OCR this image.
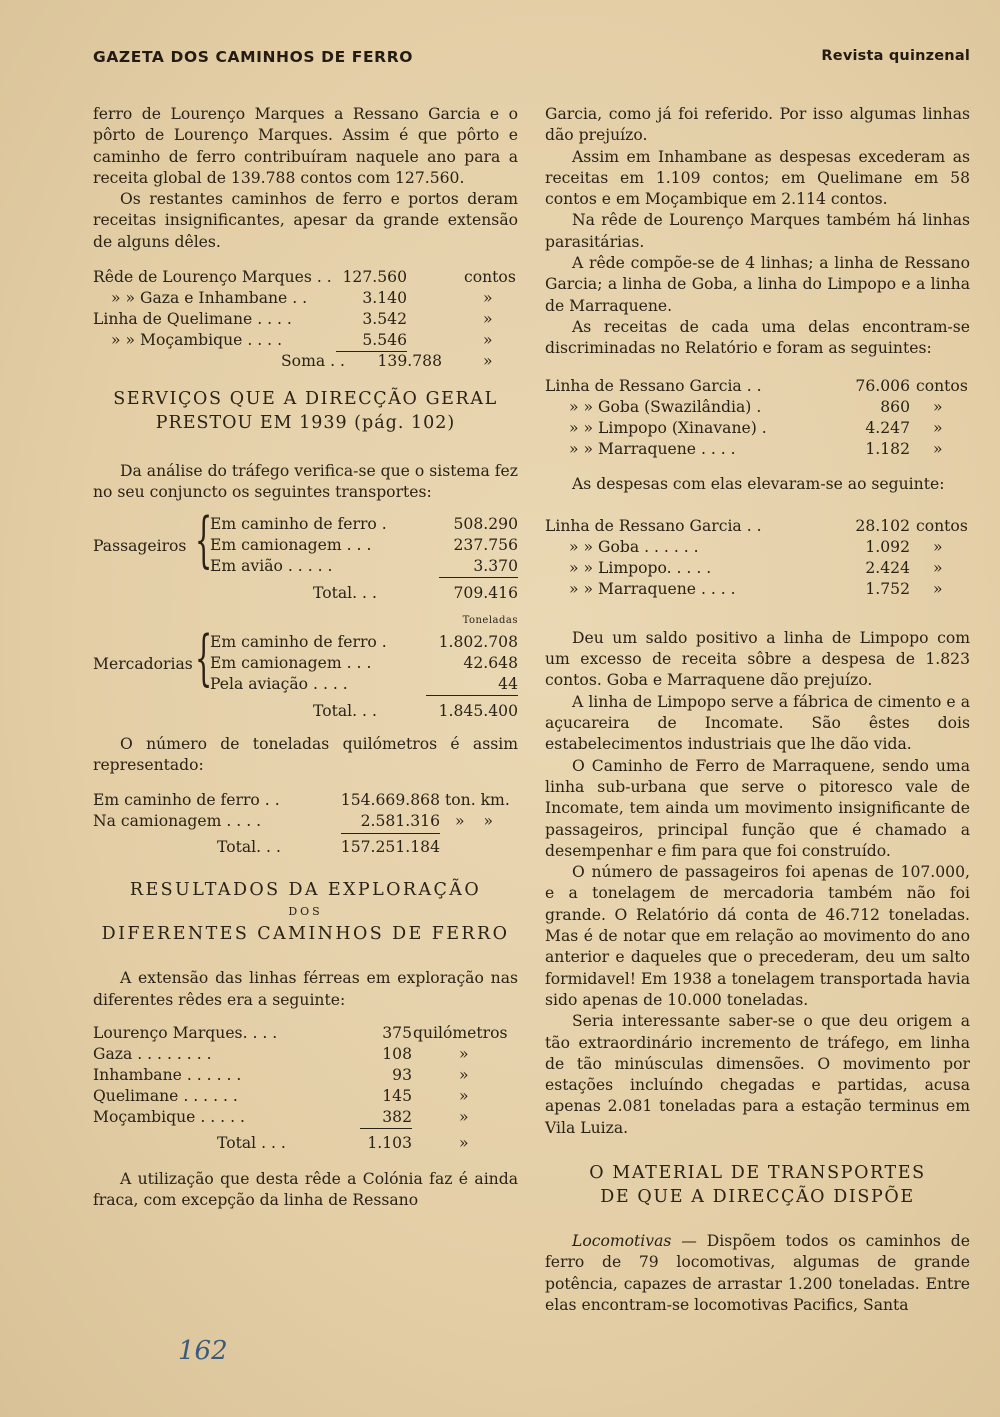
GAZETA DOS CAMINHOS DE FERRO	Revista quinzenal

ferro de Lourenço Marques a Ressano Garcia e o pôrto de Lourenço Marques. Assim é que pôrto e caminho de ferro contribuíram naquele ano para a receita global de 139.788 contos com 127.560.

Os restantes caminhos de ferro e portos deram receitas insignificantes, apesar da grande extensão de alguns dêles.

Rêde de Lourenço Marques . . 127.560	contos
» » Gaza e Inhambane . .	3.140	»
Linha de Quelimane . . . .	3.542	»
» » Moçambique . . . .	5.546	»
Soma . . 139.788	»

SERVIÇOS QUE A DIRECÇÃO GERAL

PRESTOU EM 1939 (pág. 102)

Da análise do tráfego verifica-se que o sistema fez no seu conjuncto os seguintes transportes:

Passageiros {
Em caminho de ferro .	508.290
Em camionagem . . .	237.756
Em avião . . . . .	3.370
Total. . .	709.416
Toneladas
Mercadorias {
Em caminho de ferro .	1.802.708
Em camionagem . . .	42.648
Pela aviação . . . .	44
Total. . .	1.845.400

O número de toneladas quilómetros é assim representado:

Em caminho de ferro . .	154.669.868 ton. km.
Na camionagem . . . .	2.581.316 » »
Total. . .	157.251.184

RESULTADOS DA EXPLORAÇÃO

DOS

DIFERENTES CAMINHOS DE FERRO

A extensão das linhas férreas em exploração nas diferentes rêdes era a seguinte:

Lourenço Marques. . . .	375 quilómetros
Gaza . . . . . . . .	108	»
Inhambane . . . . . .	93	»
Quelimane . . . . . .	145	»
Moçambique . . . . .	382	»
Total . . .	1.103	»

A utilização que desta rêde a Colónia faz é ainda fraca, com excepção da linha de Ressano

Garcia, como já foi referido. Por isso algumas linhas dão prejuízo.

Assim em Inhambane as despesas excederam as receitas em 1.109 contos; em Quelimane em 58 contos e em Moçambique em 2.114 contos.

Na rêde de Lourenço Marques também há linhas parasitárias.

A rêde compõe-se de 4 linhas; a linha de Ressano Garcia; a linha de Goba, a linha do Limpopo e a linha de Marraquene.

As receitas de cada uma delas encontram-se discriminadas no Relatório e foram as seguintes:

Linha de Ressano Garcia . .	76.006 contos
» » Goba (Swazilândia) .	860 »
» » Limpopo (Xinavane) .	4.247 »
» » Marraquene . . . .	1.182 »

As despesas com elas elevaram-se ao seguinte:

Linha de Ressano Garcia . .	28.102 contos
» » Goba . . . . . .	1.092 »
» » Limpopo. . . . .	2.424 »
» » Marraquene . . . .	1.752 »

Deu um saldo positivo a linha de Limpopo com um excesso de receita sôbre a despesa de 1.823 contos. Goba e Marraquene dão prejuízo.

A linha de Limpopo serve a fábrica de cimento e a açucareira de Incomate. São êstes dois estabelecimentos industriais que lhe dão vida.

O Caminho de Ferro de Marraquene, sendo uma linha sub-urbana que serve o pitoresco vale de Incomate, tem ainda um movimento insignificante de passageiros, principal função que é chamado a desempenhar e fim para que foi construído.

O número de passageiros foi apenas de 107.000, e a tonelagem de mercadoria também não foi grande. O Relatório dá conta de 46.712 toneladas. Mas é de notar que em relação ao movimento do ano anterior e daqueles que o precederam, deu um salto formidavel! Em 1938 a tonelagem transportada havia sido apenas de 10.000 toneladas.

Seria interessante saber-se o que deu origem a tão extraordinário incremento de tráfego, em linha de tão minúsculas dimensões. O movimento por estações incluíndo chegadas e partidas, acusa apenas 2.081 toneladas para a estação terminus em Vila Luiza.

O MATERIAL DE TRANSPORTES

DE QUE A DIRECÇÃO DISPÕE

Locomotivas — Dispõem todos os caminhos de ferro de 79 locomotivas, algumas de grande potência, capazes de arrastar 1.200 toneladas. Entre elas encontram-se locomotivas Pacifics, Santa

162
